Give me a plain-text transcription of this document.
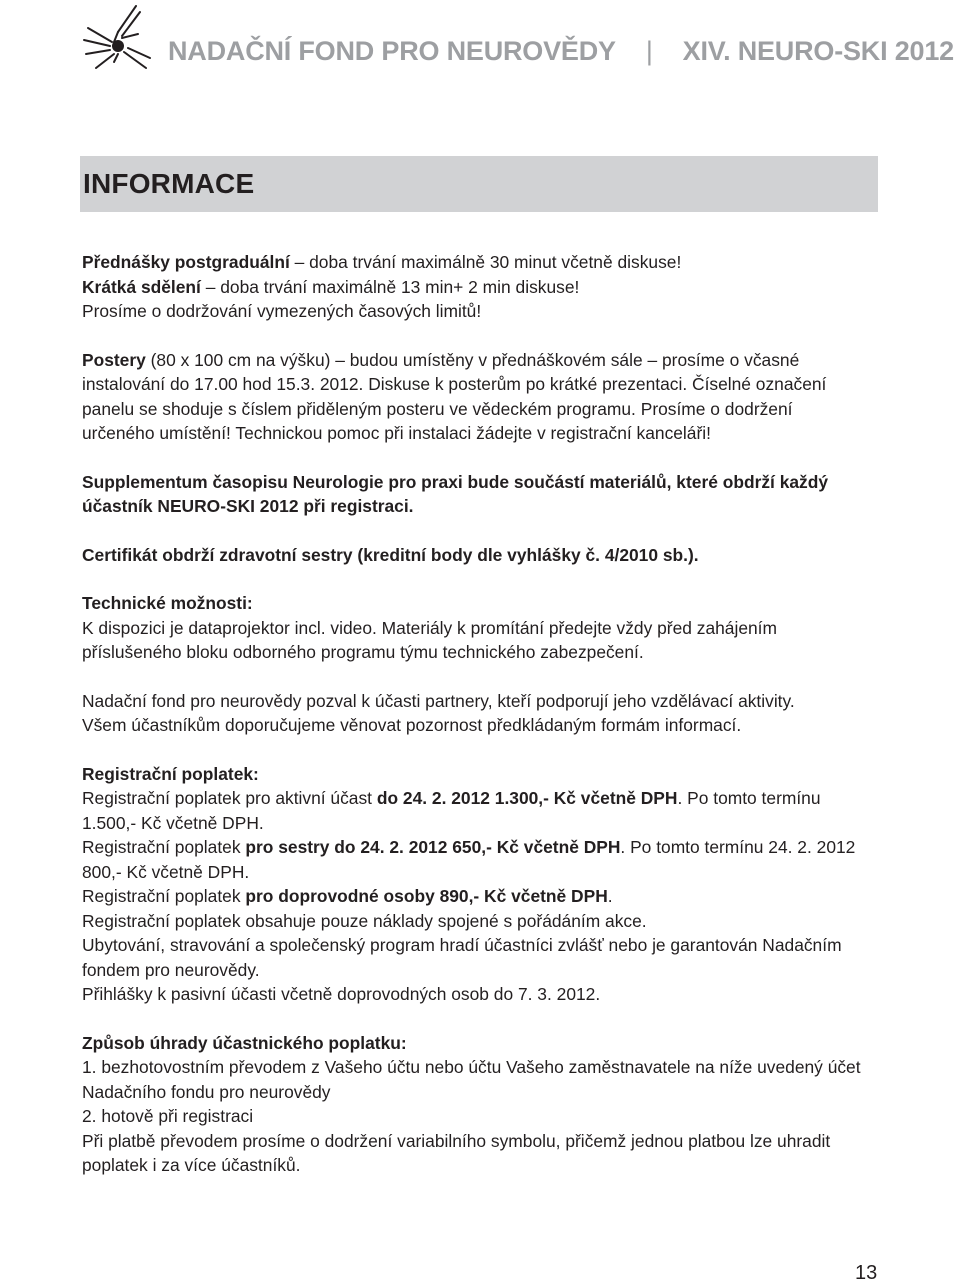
NADAČNÍ FOND PRO NEUROVĚDY | XIV. NEURO-SKI 2012
INFORMACE

Přednášky postgraduální – doba trvání maximálně 30 minut včetně diskuse!

Krátká sdělení – doba trvání maximálně 13 min+ 2 min diskuse!

Prosíme o dodržování vymezených časových limitů!

Postery (80 x 100 cm na výšku) – budou umístěny v přednáškovém sále – prosíme o včasné instalování do 17.00 hod 15.3. 2012. Diskuse k posterům po krátké prezentaci. Číselné označení panelu se shoduje s číslem přiděleným posteru ve vědeckém programu. Prosíme o dodržení určeného umístění! Technickou pomoc při instalaci žádejte v registrační kanceláři!

Supplementum časopisu Neurologie pro praxi bude součástí materiálů, které obdrží každý účastník NEURO-SKI 2012 při registraci.

Certifikát obdrží zdravotní sestry (kreditní body dle vyhlášky č. 4/2010 sb.).

Technické možnosti:

K dispozici je dataprojektor incl. video. Materiály k promítání předejte vždy před zahájením příslušeného bloku odborného programu týmu technického zabezpečení.

Nadační fond pro neurovědy pozval k účasti partnery, kteří podporují jeho vzdělávací aktivity.

Všem účastníkům doporučujeme věnovat pozornost předkládaným formám informací.

Registrační poplatek:

Registrační poplatek pro aktivní účast do 24. 2. 2012 1.300,- Kč včetně DPH. Po tomto termínu 1.500,- Kč včetně DPH.

Registrační poplatek pro sestry do 24. 2. 2012 650,- Kč včetně DPH. Po tomto termínu 24. 2. 2012 800,- Kč včetně DPH.

Registrační poplatek pro doprovodné osoby 890,- Kč včetně DPH.

Registrační poplatek obsahuje pouze náklady spojené s pořádáním akce.

Ubytování, stravování a společenský program hradí účastníci zvlášť nebo je garantován Nadačním fondem pro neurovědy.

Přihlášky k pasivní účasti včetně doprovodných osob do 7. 3. 2012.

Způsob úhrady účastnického poplatku:

1. bezhotovostním převodem z Vašeho účtu nebo účtu Vašeho zaměstnavatele na níže uvedený účet Nadačního fondu pro neurovědy

2. hotově při registraci

Při platbě převodem prosíme o dodržení variabilního symbolu, přičemž jednou platbou lze uhradit poplatek i za více účastníků.

13
